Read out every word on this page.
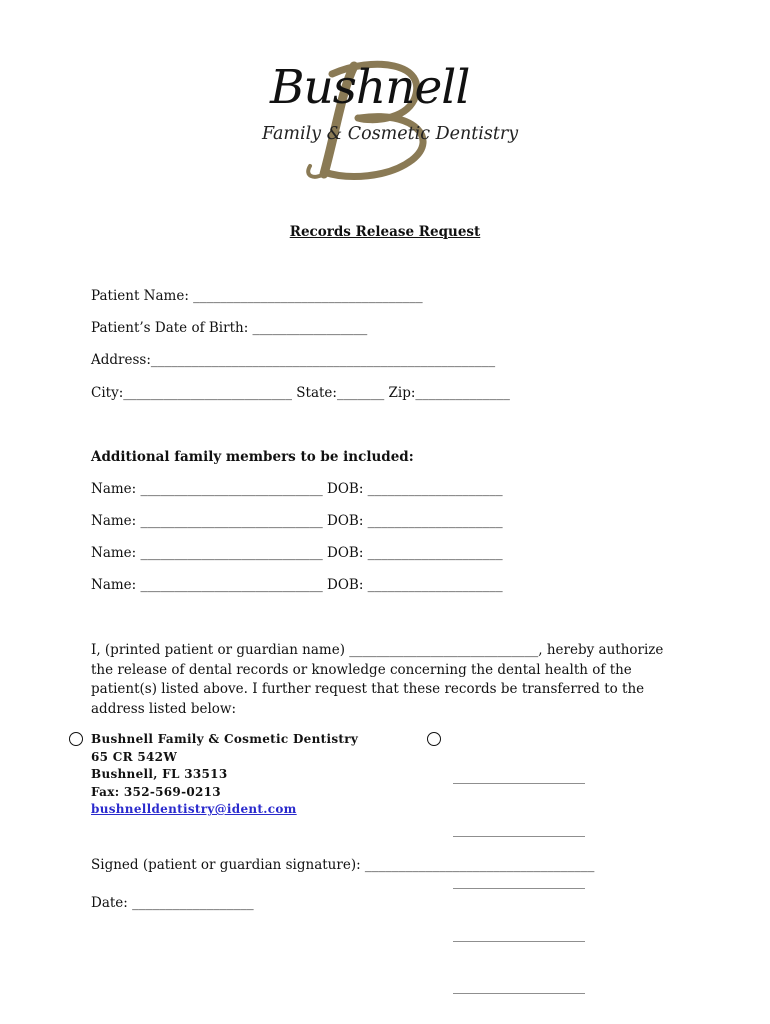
Bushnell
Family & Cosmetic Dentistry
Records Release Request
Patient Name: __________________________________
Patient’s Date of Birth: _________________
Address:___________________________________________________
City:_________________________ State:_______ Zip:______________
Additional family members to be included:
Name: ___________________________ DOB: ____________________
Name: ___________________________ DOB: ____________________
Name: ___________________________ DOB: ____________________
Name: ___________________________ DOB: ____________________
I, (printed patient or guardian name) ____________________________, hereby authorize the release of dental records or knowledge concerning the dental health of the patient(s) listed above. I further request that these records be transferred to the address listed below:
Bushnell Family & Cosmetic Dentistry
65 CR 542W
Bushnell, FL 33513
Fax: 352-569-0213
bushnelldentistry@ident.com

______________________

______________________

______________________

______________________

______________________

Signed (patient or guardian signature): __________________________________
Date: __________________
